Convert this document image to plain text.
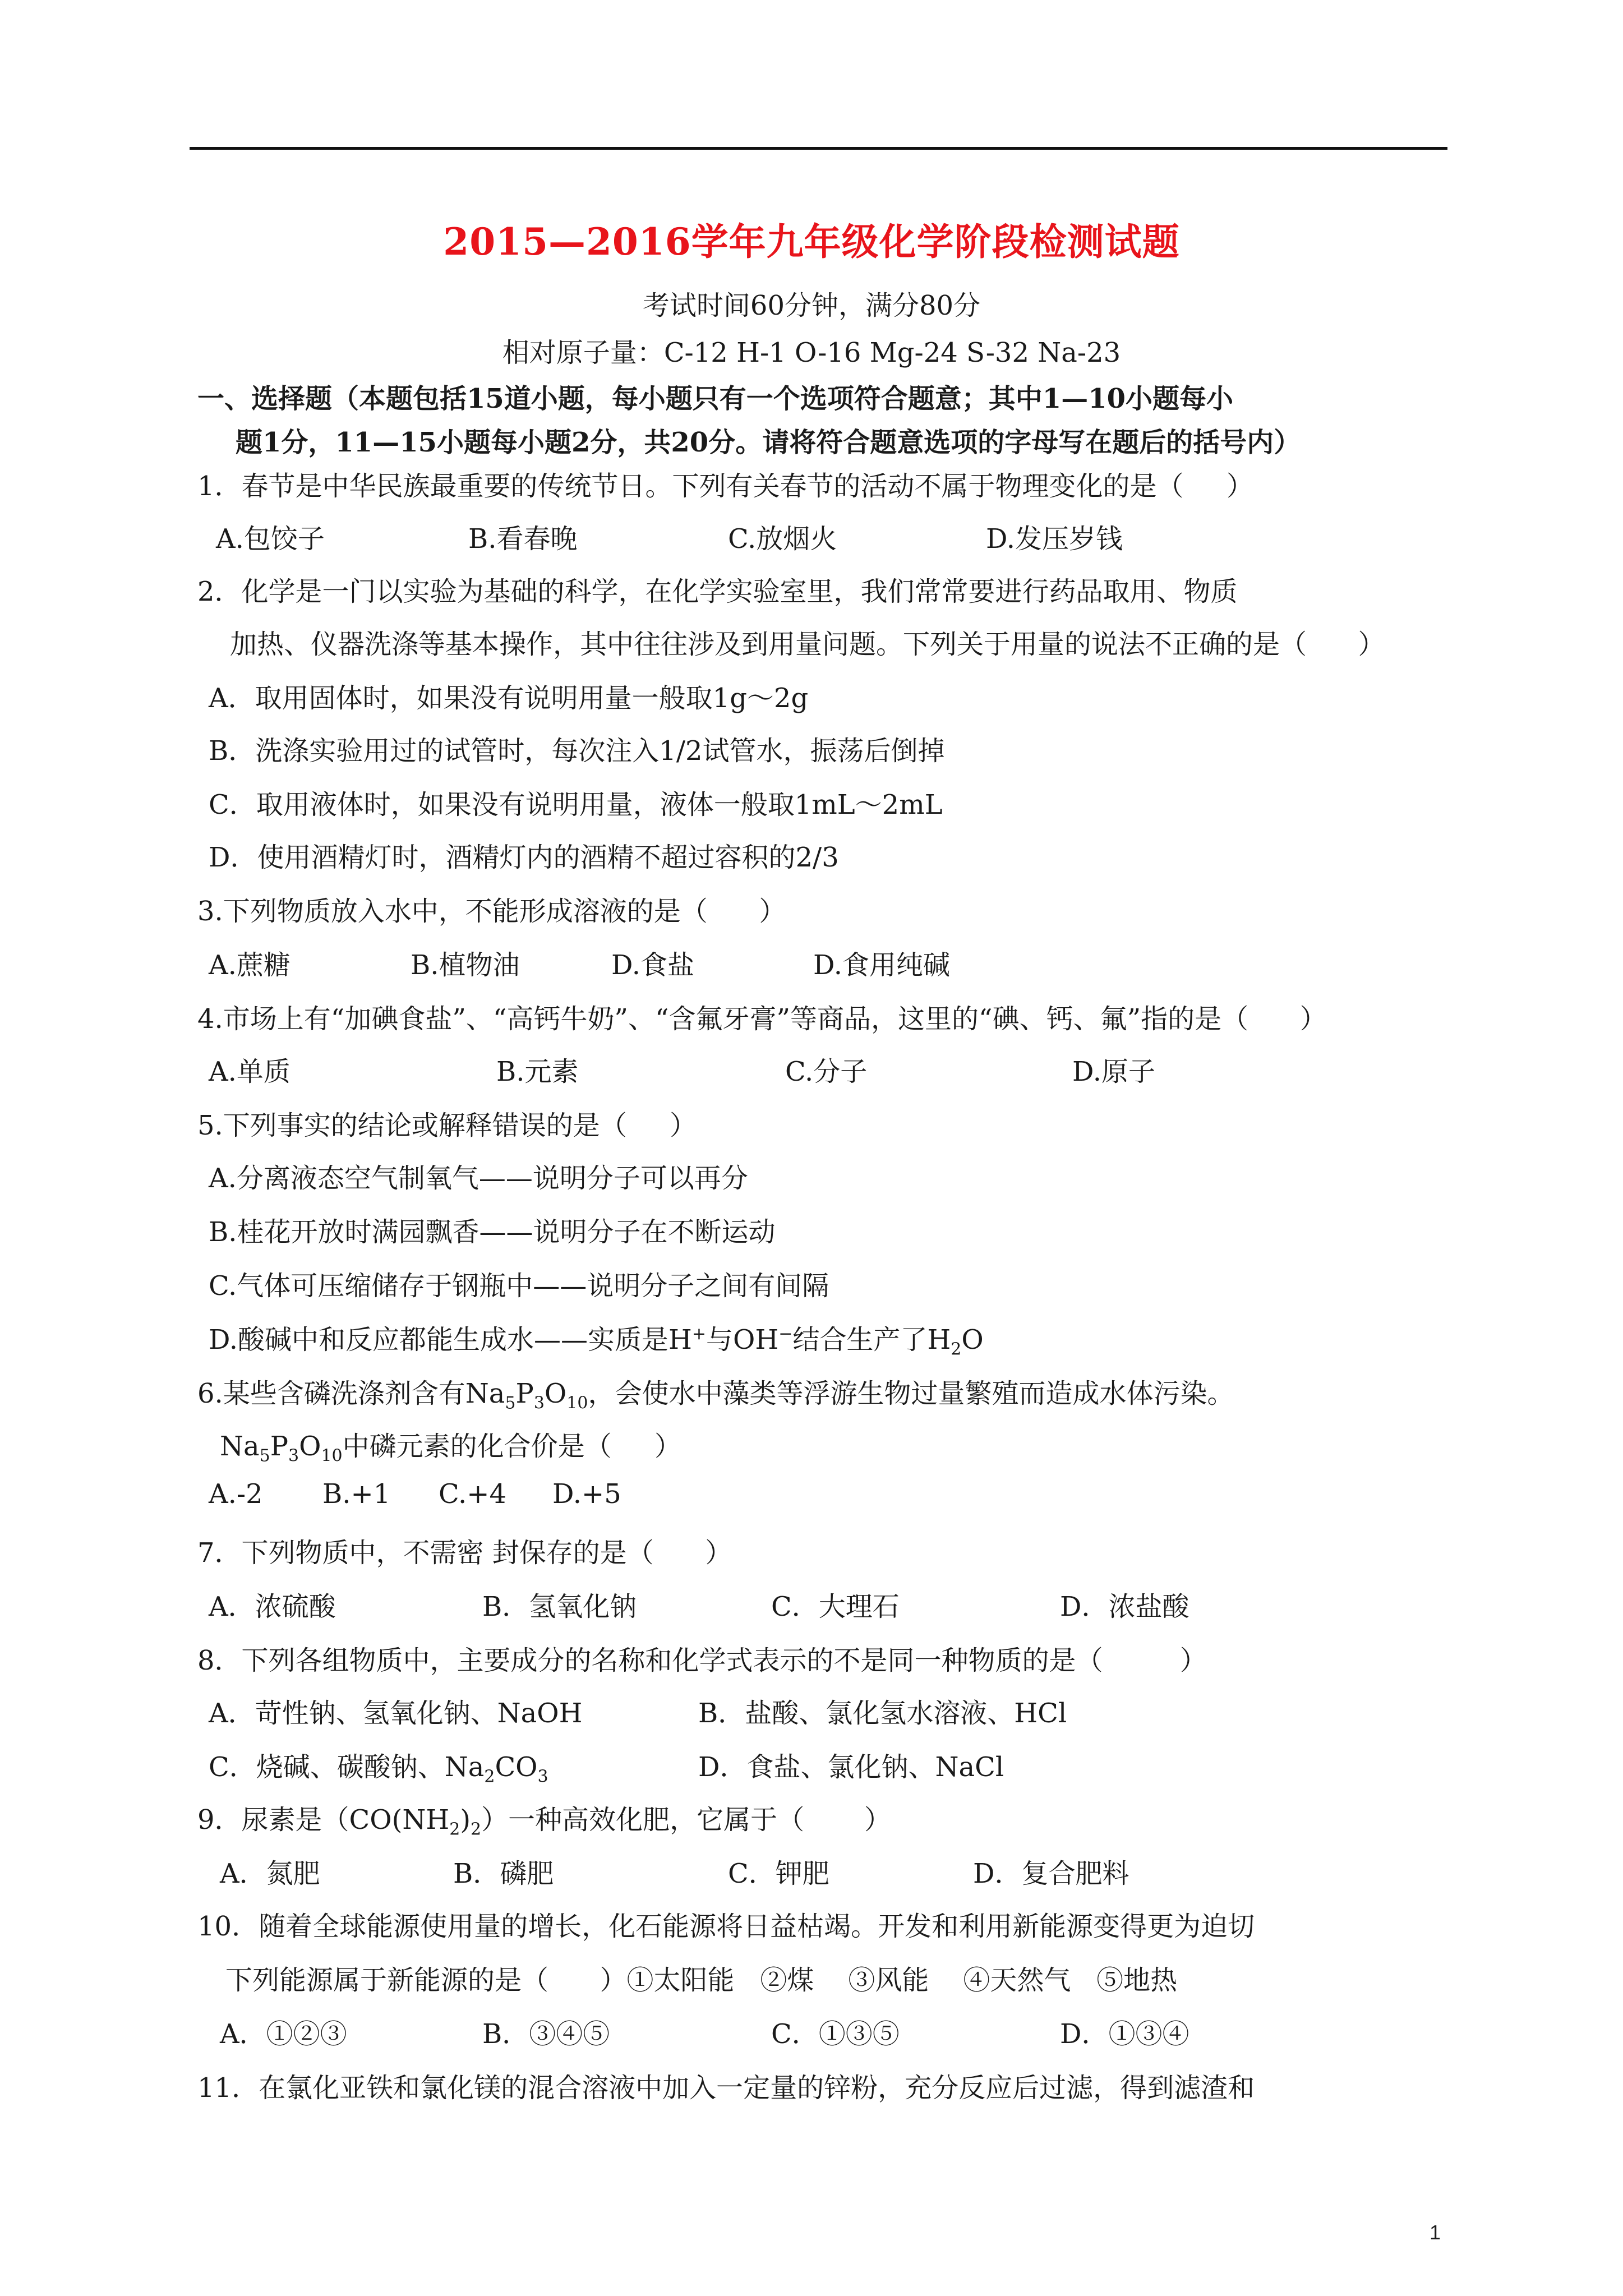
2015—2016学年九年级化学阶段检测试题
考试时间60分钟，满分80分
相对原子量：C-12 H-1 O-16 Mg-24 S-32 Na-23
一、选择题（本题包括15道小题，每小题只有一个选项符合题意；其中1—10小题每小
题1分，11—15小题每小题2分，共20分。请将符合题意选项的字母写在题后的括号内）
1．春节是中华民族最重要的传统节日。下列有关春节的活动不属于物理变化的是（     ）
A.包饺子	B.看春晚	C.放烟火	D.发压岁钱
2．化学是一门以实验为基础的科学，在化学实验室里，我们常常要进行药品取用、物质
加热、仪器洗涤等基本操作，其中往往涉及到用量问题。下列关于用量的说法不正确的是（      ）
A．取用固体时，如果没有说明用量一般取1g～2g
B．洗涤实验用过的试管时，每次注入1/2试管水，振荡后倒掉
C．取用液体时，如果没有说明用量，液体一般取1mL～2mL
D．使用酒精灯时，酒精灯内的酒精不超过容积的2/3
3.下列物质放入水中，不能形成溶液的是（      ）
A.蔗糖	B.植物油	D.食盐	D.食用纯碱
4.市场上有“加碘食盐”、“高钙牛奶”、“含氟牙膏”等商品，这里的“碘、钙、氟”指的是（      ）
A.单质	B.元素	C.分子	D.原子
5.下列事实的结论或解释错误的是（     ）
A.分离液态空气制氧气——说明分子可以再分
B.桂花开放时满园飘香——说明分子在不断运动
C.气体可压缩储存于钢瓶中——说明分子之间有间隔
D.酸碱中和反应都能生成水——实质是H+与OH−结合生产了$H_2O$
6.某些含磷洗涤剂含有$Na_5P_3O_{10}$，会使水中藻类等浮游生物过量繁殖而造成水体污染。
$Na_5P_3O_{10}$中磷元素的化合价是（     ）
A.-2 B.+1 C.+4 D.+5
7．下列物质中，不需密 封保存的是（      ）
A．浓硫酸	B．氢氧化钠	C．大理石	D．浓盐酸
8．下列各组物质中，主要成分的名称和化学式表示的不是同一种物质的是（         ）
A．苛性钠、氢氧化钠、NaOH	B．盐酸、氯化氢水溶液、HCl
C．烧碱、碳酸钠、$Na_2CO_3$	D．食盐、氯化钠、NaCl
9．尿素是$(CO(NH_2)_2)$一种高效化肥，它属于（       ）
A．氮肥	B．磷肥	C．钾肥	D．复合肥料
10．随着全球能源使用量的增长，化石能源将日益枯竭。开发和利用新能源变得更为迫切
下列能源属于新能源的是（      ）①太阳能   ②煤    ③风能    ④天然气   ⑤地热
A．①②③	B．③④⑤	C．①③⑤	D．①③④
11．在氯化亚铁和氯化镁的混合溶液中加入一定量的锌粉，充分反应后过滤，得到滤渣和
1
